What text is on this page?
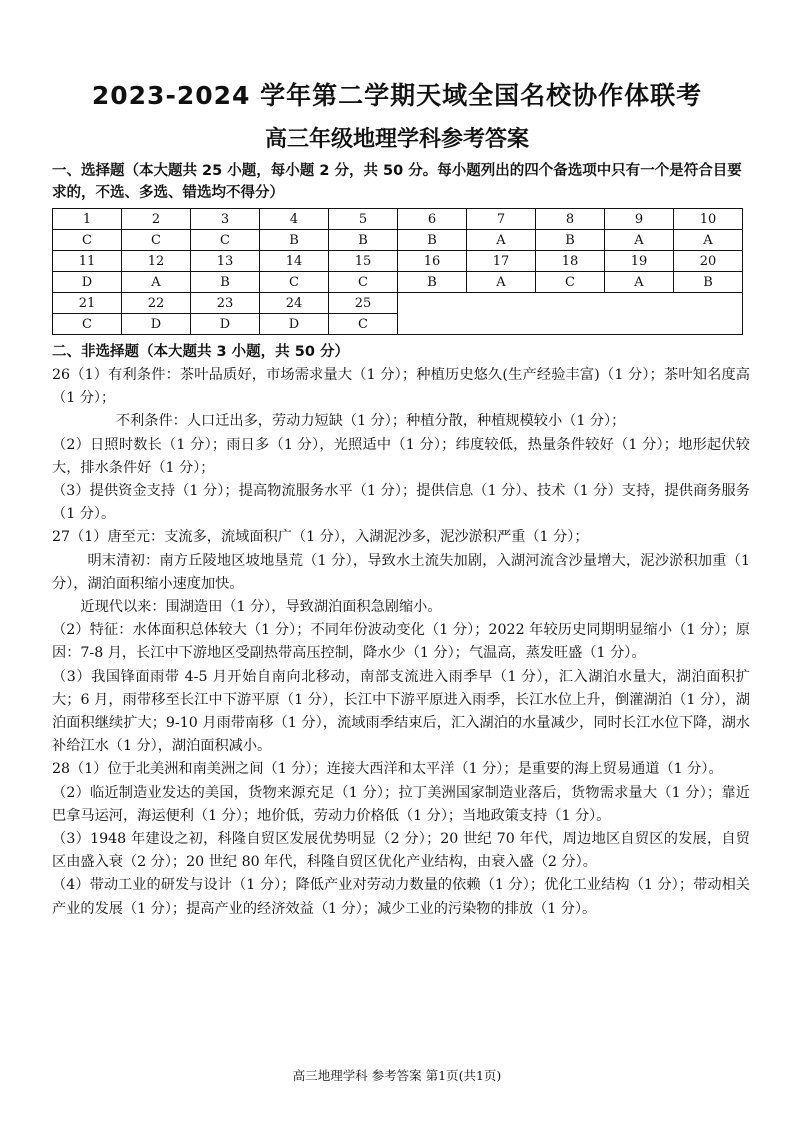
2023-2024 学年第二学期天域全国名校协作体联考
高三年级地理学科参考答案
一、选择题（本大题共 25 小题，每小题 2 分，共 50 分。每小题列出的四个备选项中只有一个是符合目要求的，不选、多选、错选均不得分）
1	2	3	4	5	6	7	8	9	10
C	C	C	B	B	B	A	B	A	A
11	12	13	14	15	16	17	18	19	20
D	A	B	C	C	B	A	C	A	B
21	22	23	24	25					
C	D	D	D	C					
二、非选择题（本大题共 3 小题，共 50 分）

26（1）有利条件：茶叶品质好，市场需求量大（1 分）；种植历史悠久(生产经验丰富)（1 分）；茶叶知名度高（1 分）；

不利条件：人口迁出多，劳动力短缺（1 分）；种植分散，种植规模较小（1 分）；

（2）日照时数长（1 分）；雨日多（1 分），光照适中（1 分）；纬度较低，热量条件较好（1 分）；地形起伏较大，排水条件好（1 分）；

（3）提供资金支持（1 分）；提高物流服务水平（1 分）；提供信息（1 分）、技术（1 分）支持，提供商务服务（1 分）。

27（1）唐至元：支流多，流域面积广（1 分），入湖泥沙多，泥沙淤积严重（1 分）；

明末清初：南方丘陵地区坡地垦荒（1 分），导致水土流失加剧，入湖河流含沙量增大，泥沙淤积加重（1 分），湖泊面积缩小速度加快。

近现代以来：围湖造田（1 分），导致湖泊面积急剧缩小。

（2）特征：水体面积总体较大（1 分）；不同年份波动变化（1 分）；2022 年较历史同期明显缩小（1 分）；原因：7-8 月，长江中下游地区受副热带高压控制，降水少（1 分）；气温高，蒸发旺盛（1 分）。

（3）我国锋面雨带 4-5 月开始自南向北移动，南部支流进入雨季早（1 分），汇入湖泊水量大，湖泊面积扩大；6 月，雨带移至长江中下游平原（1 分），长江中下游平原进入雨季，长江水位上升，倒灌湖泊（1 分），湖泊面积继续扩大；9-10 月雨带南移（1 分），流域雨季结束后，汇入湖泊的水量减少，同时长江水位下降，湖水补给江水（1 分），湖泊面积减小。

28（1）位于北美洲和南美洲之间（1 分）；连接大西洋和太平洋（1 分）；是重要的海上贸易通道（1 分）。

（2）临近制造业发达的美国，货物来源充足（1 分）；拉丁美洲国家制造业落后，货物需求量大（1 分）；靠近巴拿马运河，海运便利（1 分）；地价低，劳动力价格低（1 分）；当地政策支持（1 分）。

（3）1948 年建设之初，科隆自贸区发展优势明显（2 分）；20 世纪 70 年代，周边地区自贸区的发展，自贸区由盛入衰（2 分）；20 世纪 80 年代，科隆自贸区优化产业结构，由衰入盛（2 分）。

（4）带动工业的研发与设计（1 分）；降低产业对劳动力数量的依赖（1 分）；优化工业结构（1 分）；带动相关产业的发展（1 分）；提高产业的经济效益（1 分）；减少工业的污染物的排放（1 分）。

高三地理学科 参考答案 第1页(共1页)
